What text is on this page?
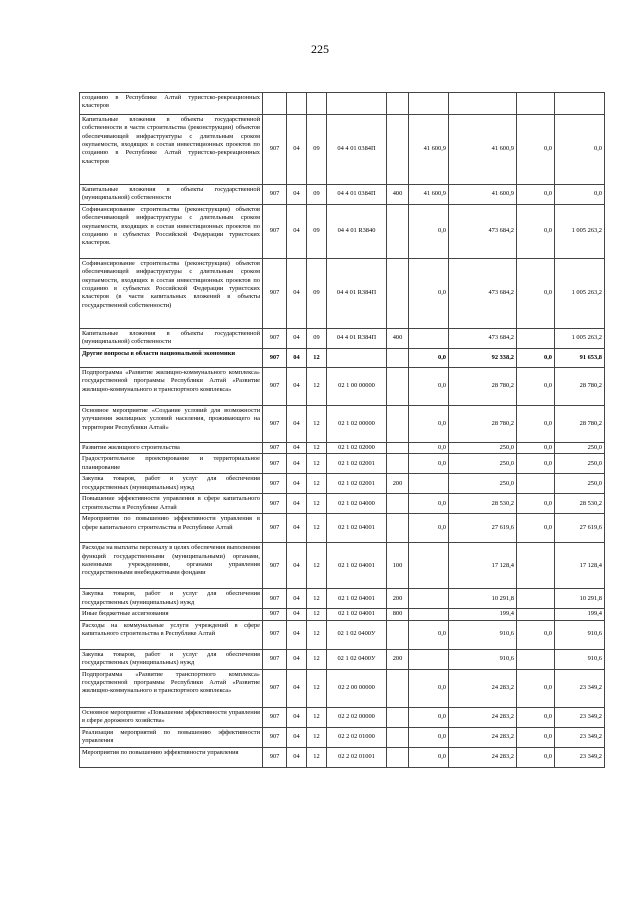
225
созданию в Республике Алтай туристско-рекреационных кластеров									
Капитальные вложения в объекты государственной собственности в части строительства (реконструкции) объектов обеспечивающей инфраструктуры с длительным сроком окупаемости, входящих в состав инвестиционных проектов по созданию в Республике Алтай туристско-рекреационных кластеров	907	04	09	04 4 01 0384П		41 600,9	41 600,9	0,0	0,0
Капитальные вложения в объекты государственной (муниципальной) собственности	907	04	09	04 4 01 0384П	400	41 600,9	41 600,9	0,0	0,0
Софинансирование строительства (реконструкции) объектов обеспечивающей инфраструктуры с длительным сроком окупаемости, входящих в состав инвестиционных проектов по созданию в субъектах Российской Федерации туристских кластеров.	907	04	09	04 4 01 R3840		0,0	473 684,2	0,0	1 005 263,2
Софинансирование строительства (реконструкции) объектов обеспечивающей инфраструктуры с длительным сроком окупаемости, входящих в состав инвестиционных проектов по созданию в субъектах Российской Федерации туристских кластеров (в части капитальных вложений в объекты государственной собственности)	907	04	09	04 4 01 R384П		0,0	473 684,2	0,0	1 005 263,2
Капитальные вложения в объекты государственной (муниципальной) собственности	907	04	09	04 4 01 R384П	400		473 684,2		1 005 263,2
Другие вопросы в области национальной экономики	907	04	12			0,0	92 338,2	0,0	91 653,8
Подпрограмма «Развитие жилищно-коммунального комплекса» государственной программы Республики Алтай «Развитие жилищно-коммунального и транспортного комплекса»	907	04	12	02 1 00 00000		0,0	28 780,2	0,0	28 780,2
Основное мероприятие «Создание условий для возможности улучшения жилищных условий населения, проживающего на территории Республики Алтай»	907	04	12	02 1 02 00000		0,0	28 780,2	0,0	28 780,2
Развитие жилищного строительства	907	04	12	02 1 02 02000		0,0	250,0	0,0	250,0
Градостроительное проектирование и территориальное планирование	907	04	12	02 1 02 02001		0,0	250,0	0,0	250,0
Закупка товаров, работ и услуг для обеспечения государственных (муниципальных) нужд	907	04	12	02 1 02 02001	200		250,0		250,0
Повышение эффективности управления в сфере капитального строительства в Республике Алтай	907	04	12	02 1 02 04000		0,0	28 530,2	0,0	28 530,2
Мероприятия по повышению эффективности управления в сфере капитального строительства в Республике Алтай	907	04	12	02 1 02 04001		0,0	27 619,6	0,0	27 619,6
Расходы на выплаты персоналу в целях обеспечения выполнения функций государственными (муниципальными) органами, казенными учреждениями, органами управления государственными внебюджетными фондами	907	04	12	02 1 02 04001	100		17 128,4		17 128,4
Закупка товаров, работ и услуг для обеспечения государственных (муниципальных) нужд	907	04	12	02 1 02 04001	200		10 291,8		10 291,8
Иные бюджетные ассигнования	907	04	12	02 1 02 04001	800		199,4		199,4
Расходы на коммунальные услуги учреждений в сфере капитального строительства в Республике Алтай	907	04	12	02 1 02 0400У		0,0	910,6	0,0	910,6
Закупка товаров, работ и услуг для обеспечения государственных (муниципальных) нужд	907	04	12	02 1 02 0400У	200		910,6		910,6
Подпрограмма «Развитие транспортного комплекса» государственной программы Республики Алтай «Развитие жилищно-коммунального и транспортного комплекса»	907	04	12	02 2 00 00000		0,0	24 283,2	0,0	23 349,2
Основное мероприятие «Повышение эффективности управления в сфере дорожного хозяйства»	907	04	12	02 2 02 00000		0,0	24 283,2	0,0	23 349,2
Реализация мероприятий по повышению эффективности управления	907	04	12	02 2 02 01000		0,0	24 283,2	0,0	23 349,2
Мероприятия по повышению эффективности управления	907	04	12	02 2 02 01001		0,0	24 283,2	0,0	23 349,2
